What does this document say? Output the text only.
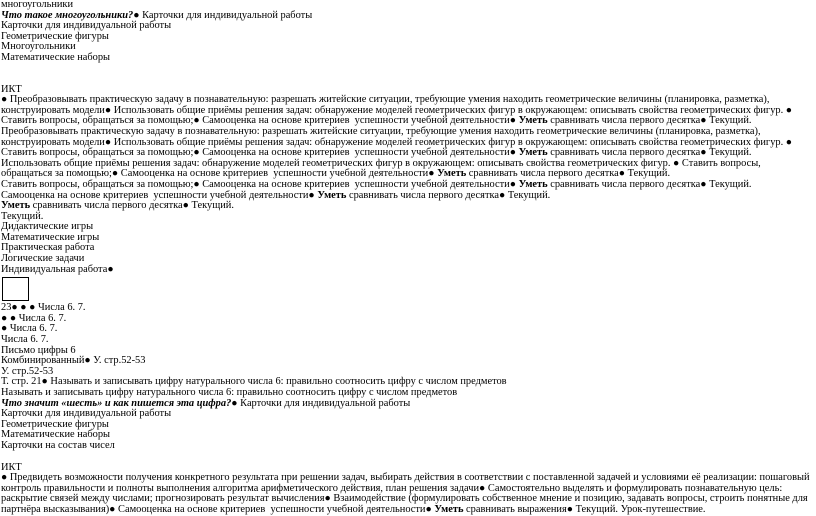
многоугольники
Что такое многоугольники?● Карточки для индивидуальной работы
Карточки для индивидуальной работы
Геометрические фигуры
Многоугольники
Математические наборы
ИКТ
● Преобразовывать практическую задачу в познавательную: разрешать житейские ситуации, требующие умения находить геометрические величины (планировка, разметка), конструировать модели● Использовать общие приёмы решения задач: обнаружение моделей геометрических фигур в окружающем: описывать свойства геометрических фигур. ● Ставить вопросы, обращаться за помощью;● Самооценка на основе критериев  успешности учебной деятельности● Уметь сравнивать числа первого десятка● Текущий.
Преобразовывать практическую задачу в познавательную: разрешать житейские ситуации, требующие умения находить геометрические величины (планировка, разметка), конструировать модели● Использовать общие приёмы решения задач: обнаружение моделей геометрических фигур в окружающем: описывать свойства геометрических фигур. ● Ставить вопросы, обращаться за помощью;● Самооценка на основе критериев  успешности учебной деятельности● Уметь сравнивать числа первого десятка● Текущий.
Использовать общие приёмы решения задач: обнаружение моделей геометрических фигур в окружающем: описывать свойства геометрических фигур. ● Ставить вопросы, обращаться за помощью;● Самооценка на основе критериев  успешности учебной деятельности● Уметь сравнивать числа первого десятка● Текущий.
Ставить вопросы, обращаться за помощью;● Самооценка на основе критериев  успешности учебной деятельности● Уметь сравнивать числа первого десятка● Текущий.
Самооценка на основе критериев  успешности учебной деятельности● Уметь сравнивать числа первого десятка● Текущий.
Уметь сравнивать числа первого десятка● Текущий.
Текущий.
Дидактические игры
Математические игры
Практическая работа
Логические задачи
Индивидуальная работа●
23● ● ● Числа 6. 7.
● ● Числа 6. 7.
● Числа 6. 7.
Числа 6. 7.
Письмо цифры 6
Комбинированный● У. стр.52-53
У. стр.52-53
Т. стр. 21● Называть и записывать цифру натурального числа 6: правильно соотносить цифру с числом предметов
Называть и записывать цифру натурального числа 6: правильно соотносить цифру с числом предметов
Что значит «шесть» и как пишется эта цифра?● Карточки для индивидуальной работы
Карточки для индивидуальной работы
Геометрические фигуры
Математические наборы
Карточки на состав чисел
ИКТ
● Предвидеть возможности получения конкретного результата при решении задач, выбирать действия в соответствии с поставленной задачей и условиями её реализации: пошаговый контроль правильности и полноты выполнения алгоритма арифметического действия, план решения задачи● Самостоятельно выделять и формулировать познавательную цель: раскрытие связей между числами; прогнозировать результат вычисления● Взаимодействие (формулировать собственное мнение и позицию, задавать вопросы, строить понятные для партнёра высказывания)● Самооценка на основе критериев  успешности учебной деятельности● Уметь сравнивать выражения● Текущий. Урок-путешествие.
